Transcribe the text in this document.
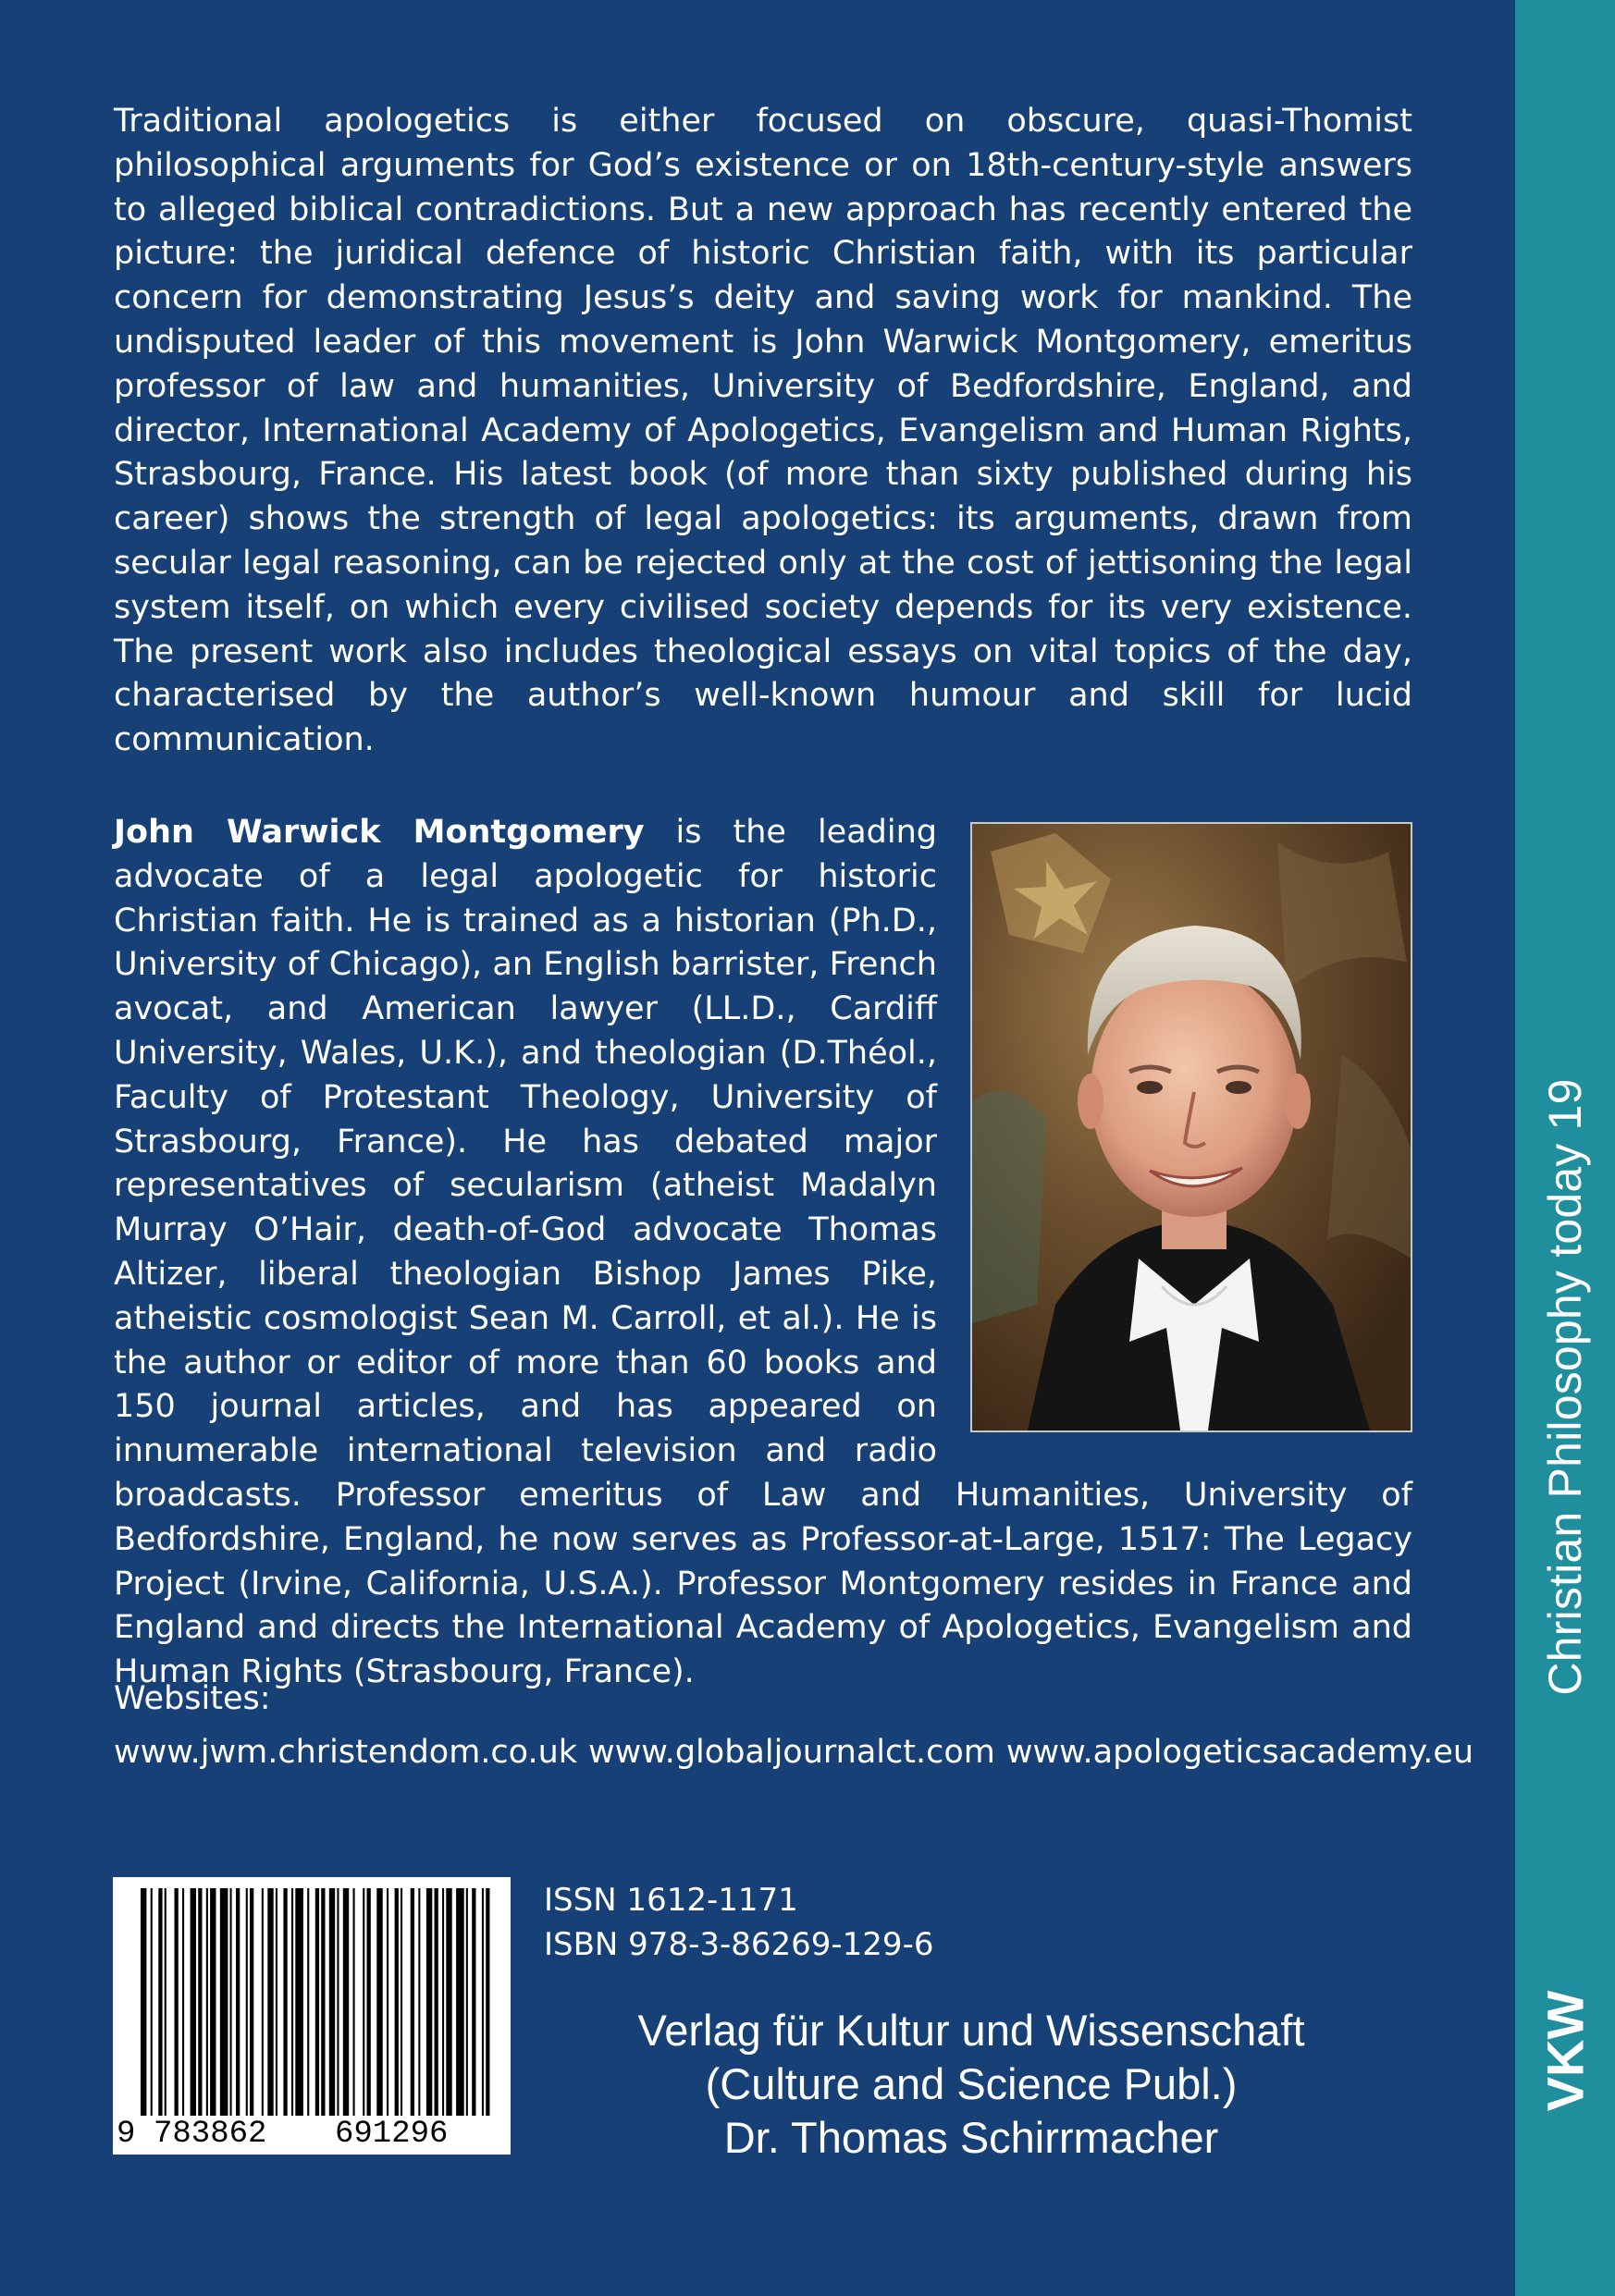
Christian Philosophy today 19
VKW

Traditional apologetics is either focused on obscure, quasi-Thomist philosophical arguments for God’s existence or on 18th-century-style answers to alleged biblical contradictions. But a new approach has recently entered the picture: the juridical defence of historic Christian faith, with its particular concern for demonstrating Jesus’s deity and saving work for mankind. The undisputed leader of this movement is John Warwick Montgomery, emeritus professor of law and humanities, University of Bedfordshire, England, and director, International Academy of Apologetics, Evangelism and Human Rights, Strasbourg, France. His latest book (of more than sixty published during his career) shows the strength of legal apologetics: its arguments, drawn from secular legal reasoning, can be rejected only at the cost of jettisoning the legal system itself, on which every civilised society depends for its very existence. The present work also includes theological essays on vital topics of the day, characterised by the author’s well-known humour and skill for lucid communication.

John Warwick Montgomery is the leading advocate of a legal apologetic for historic Christian faith. He is trained as a historian (Ph.D., University of Chicago), an English barrister, French avocat, and American lawyer (LL.D., Cardiff University, Wales, U.K.), and theologian (D.Théol., Faculty of Protestant Theology, University of Strasbourg, France). He has debated major representatives of secularism (atheist Madalyn Murray O’Hair, death-of-God advocate Thomas Altizer, liberal theologian Bishop James Pike, atheistic cosmologist Sean M. Carroll, et al.). He is the author or editor of more than 60 books and 150 journal articles, and has appeared on innumerable international television and radio broadcasts. Professor emeritus of Law and Humanities, University of Bedfordshire, England, he now serves as Professor-at-Large, 1517: The Legacy Project (Irvine, California, U.S.A.). Professor Montgomery resides in France and England and directs the International Academy of Apologetics, Evangelism and Human Rights (Strasbourg, France).
Websites:
www.jwm.christendom.co.uk www.globaljournalct.com www.apologeticsacademy.eu
9 783862 691296
ISSN 1612-1171
ISBN 978-3-86269-129-6
Verlag für Kultur und Wissenschaft
(Culture and Science Publ.)
Dr. Thomas Schirrmacher
